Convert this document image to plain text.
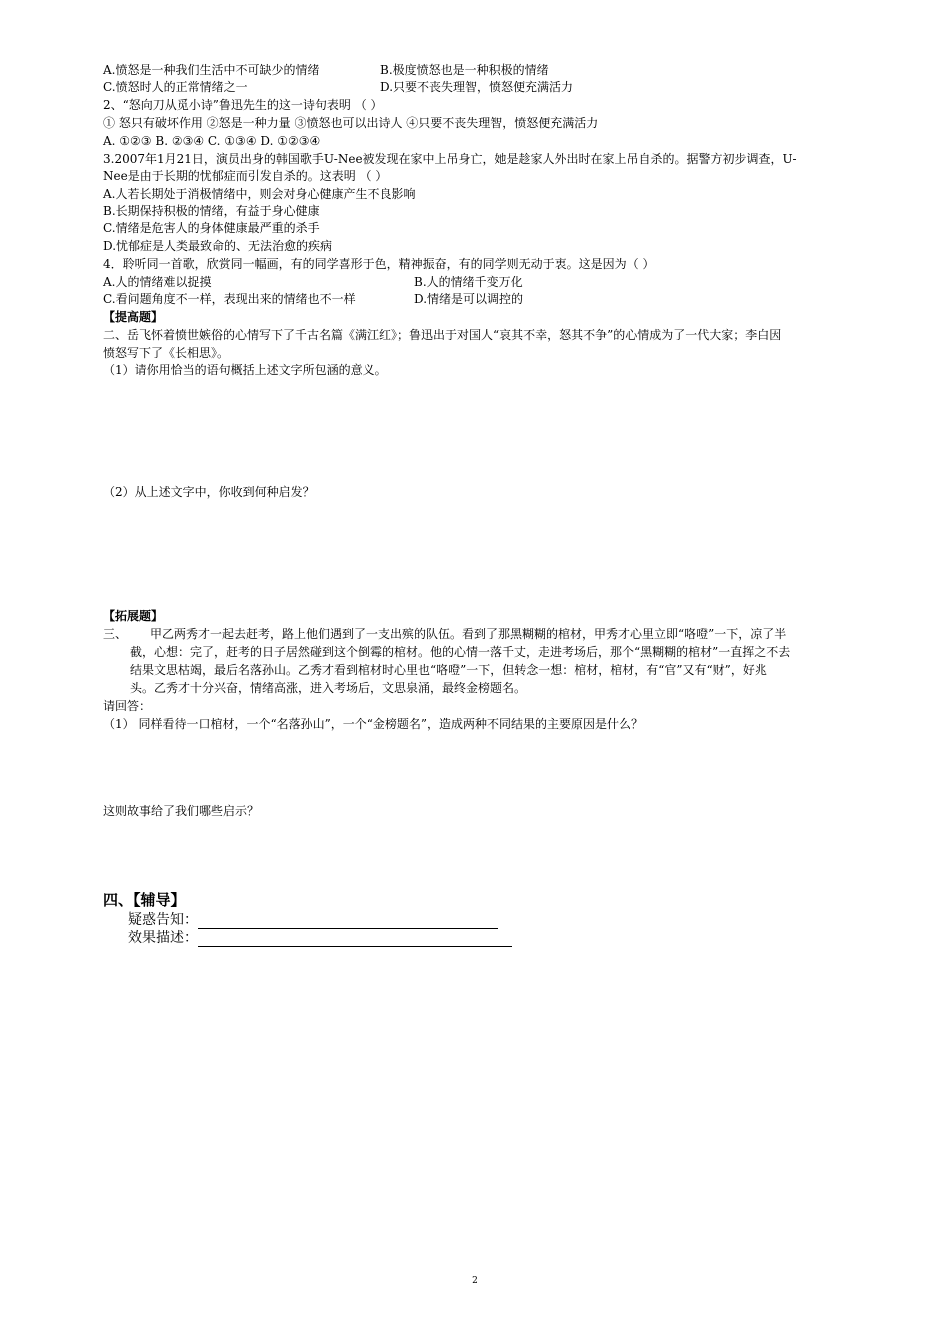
A.愤怒是一种我们生活中不可缺少的情绪	B.极度愤怒也是一种积极的情绪
C.愤怒时人的正常情绪之一	D.只要不丧失理智，愤怒便充满活力
2、“怒向刀从觅小诗”鲁迅先生的这一诗句表明 （ ）
① 怒只有破坏作用 ②怒是一种力量 ③愤怒也可以出诗人 ④只要不丧失理智，愤怒便充满活力
A. ①②③ B. ②③④ C. ①③④ D. ①②③④
3.2007年1月21日，演员出身的韩国歌手U-Nee被发现在家中上吊身亡，她是趁家人外出时在家上吊自杀的。据警方初步调查，U-
Nee是由于长期的忧郁症而引发自杀的。这表明 （ ）
A.人若长期处于消极情绪中，则会对身心健康产生不良影响
B.长期保持积极的情绪，有益于身心健康
C.情绪是危害人的身体健康最严重的杀手
D.忧郁症是人类最致命的、无法治愈的疾病
4．聆听同一首歌，欣赏同一幅画，有的同学喜形于色，精神振奋，有的同学则无动于衷。这是因为（ ）
A.人的情绪难以捉摸	B.人的情绪千变万化
C.看问题角度不一样，表现出来的情绪也不一样	D.情绪是可以调控的
【提高题】
二、岳飞怀着愤世嫉俗的心情写下了千古名篇《满江红》；鲁迅出于对国人“哀其不幸，怒其不争”的心情成为了一代大家；李白因
愤怒写下了《长相思》。
（1）请你用恰当的语句概括上述文字所包涵的意义。
（2）从上述文字中，你收到何种启发？
【拓展题】
三、 甲乙两秀才一起去赶考，路上他们遇到了一支出殡的队伍。看到了那黑糊糊的棺材，甲秀才心里立即“咯噔”一下，凉了半
截，心想：完了，赶考的日子居然碰到这个倒霉的棺材。他的心情一落千丈，走进考场后，那个“黑糊糊的棺材”一直挥之不去
结果文思枯竭，最后名落孙山。乙秀才看到棺材时心里也“咯噔”一下，但转念一想：棺材，棺材，有“官”又有“财”，好兆
头。乙秀才十分兴奋，情绪高涨，进入考场后，文思泉涌，最终金榜题名。
请回答：
（1） 同样看待一口棺材，一个“名落孙山”，一个“金榜题名”，造成两种不同结果的主要原因是什么？
这则故事给了我们哪些启示？
四、【辅导】
疑惑告知：
效果描述：
2
